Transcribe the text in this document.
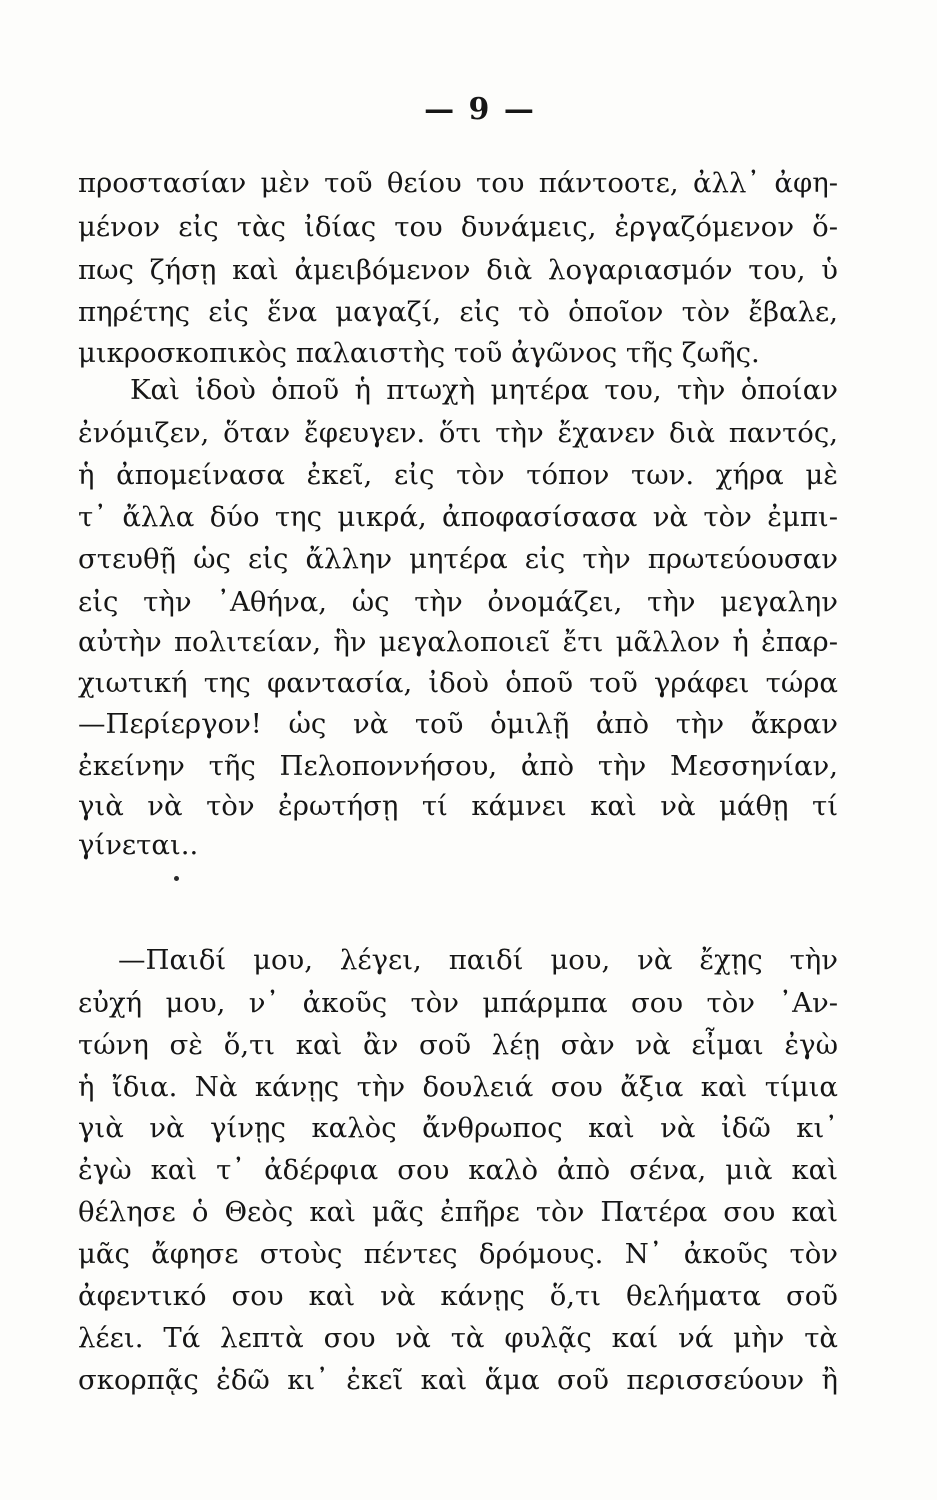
— 9 —
προστασίαν μὲν τοῦ θείου του πάντοοτε, ἀλλ᾽ ἀφη-
μένον εἰς τὰς ἰδίας του δυνάμεις, ἐργαζόμενον ὅ-
πως ζήσῃ καὶ ἀμειβόμενον διὰ λογαριασμόν του, ὑ
πηρέτης εἰς ἕνα μαγαζί, εἰς τὸ ὁποῖον τὸν ἔβαλε,
μικροσκοπικὸς παλαιστὴς τοῦ ἀγῶνος τῆς ζωῆς.
Καὶ ἰδοὺ ὁποῦ ἡ πτωχὴ μητέρα του, τὴν ὁποίαν
ἐνόμιζεν, ὅταν ἔφευγεν. ὅτι τὴν ἔχανεν διὰ παντός,
ἡ ἀπομείνασα ἐκεῖ, εἰς τὸν τόπον των. χήρα μὲ
τ᾽ ἄλλα δύο της μικρά, ἀποφασίσασα νὰ τὸν ἐμπι-
στευθῇ ὡς εἰς ἄλλην μητέρα εἰς τὴν πρωτεύουσαν
εἰς τὴν ᾽Αθήνα, ὡς τὴν ὀνομάζει, τὴν μεγαλην
αὐτὴν πολιτείαν, ἣν μεγαλοποιεῖ ἔτι μᾶλλον ἡ ἐπαρ-
χιωτική της φαντασία, ἰδοὺ ὁποῦ τοῦ γράφει τώρα
—Περίεργον! ὡς νὰ τοῦ ὁμιλῇ ἀπὸ τὴν ἄκραν
ἐκείνην τῆς Πελοποννήσου, ἀπὸ τὴν Μεσσηνίαν,
γιὰ νὰ τὸν ἐρωτήσῃ τί κάμνει καὶ νὰ μάθῃ τί
γίνεται..
—Παιδί μου, λέγει, παιδί μου, νὰ ἔχῃς τὴν
εὐχή μου, ν᾽ ἀκοῦς τὸν μπάρμπα σου τὸν ᾽Αν-
τώνη σὲ ὅ,τι καὶ ἂν σοῦ λέῃ σὰν νὰ εἶμαι ἐγὼ
ἡ ἴδια. Νὰ κάνῃς τὴν δουλειά σου ἄξια καὶ τίμια
γιὰ νὰ γίνῃς καλὸς ἄνθρωπος καὶ νὰ ἰδῶ κι᾽
ἐγὼ καὶ τ᾽ ἀδέρφια σου καλὸ ἀπὸ σένα, μιὰ καὶ
θέλησε ὁ Θεὸς καὶ μᾶς ἐπῆρε τὸν Πατέρα σου καὶ
μᾶς ἄφησε στοὺς πέντες δρόμους. Ν᾽ ἀκοῦς τὸν
ἀφεντικό σου καὶ νὰ κάνῃς ὅ,τι θελήματα σοῦ
λέει. Τά λεπτὰ σου νὰ τὰ φυλᾷς καί νά μὴν τὰ
σκορπᾷς ἐδῶ κι᾽ ἐκεῖ καὶ ἅμα σοῦ περισσεύουν ἢ
